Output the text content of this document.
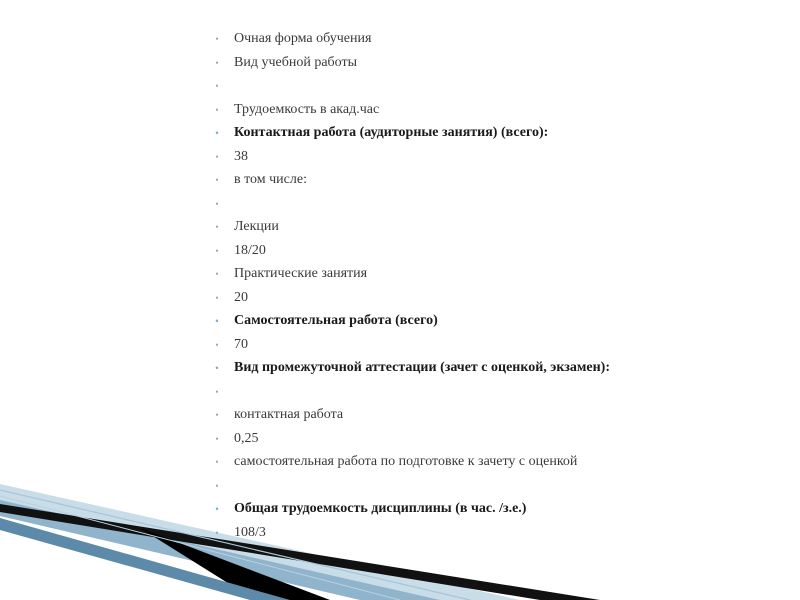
• Очная форма обучения
• Вид учебной работы
•
• Трудоемкость в акад.час
• Контактная работа (аудиторные занятия) (всего):
• 38
• в том числе:
•
• Лекции
• 18/20
• Практические занятия
• 20
• Самостоятельная работа (всего)
• 70
• Вид промежуточной аттестации (зачет с оценкой, экзамен):
•
• контактная работа
• 0,25
• самостоятельная работа по подготовке к зачету с оценкой
•
• Общая трудоемкость дисциплины (в час. /з.е.)
• 108/3
